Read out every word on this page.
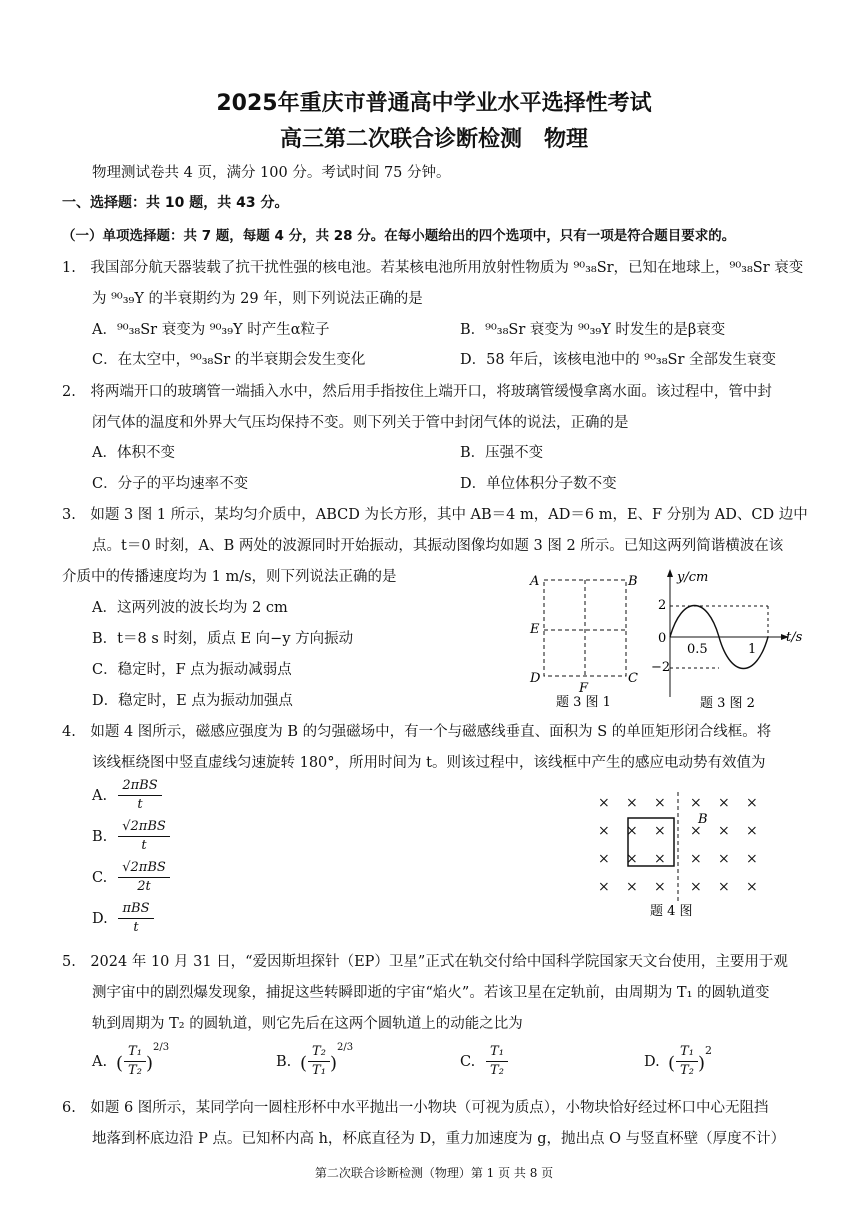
2025年重庆市普通高中学业水平选择性考试
高三第二次联合诊断检测　物理
物理测试卷共 4 页，满分 100 分。考试时间 75 分钟。
一、选择题：共 10 题，共 43 分。
（一）单项选择题：共 7 题，每题 4 分，共 28 分。在每小题给出的四个选项中，只有一项是符合题目要求的。
1.　我国部分航天器装载了抗干扰性强的核电池。若某核电池所用放射性物质为 ⁹⁰₃₈Sr，已知在地球上，⁹⁰₃₈Sr 衰变
为 ⁹⁰₃₉Y 的半衰期约为 29 年，则下列说法正确的是
A．⁹⁰₃₈Sr 衰变为 ⁹⁰₃₉Y 时产生α粒子	B．⁹⁰₃₈Sr 衰变为 ⁹⁰₃₉Y 时发生的是β衰变
C．在太空中，⁹⁰₃₈Sr 的半衰期会发生变化	D．58 年后，该核电池中的 ⁹⁰₃₈Sr 全部发生衰变
2.　将两端开口的玻璃管一端插入水中，然后用手指按住上端开口，将玻璃管缓慢拿离水面。该过程中，管中封
闭气体的温度和外界大气压均保持不变。则下列关于管中封闭气体的说法，正确的是
A．体积不变	B．压强不变
C．分子的平均速率不变	D．单位体积分子数不变
3.　如题 3 图 1 所示，某均匀介质中，ABCD 为长方形，其中 AB＝4 m，AD＝6 m，E、F 分别为 AD、CD 边中
点。t＝0 时刻，A、B 两处的波源同时开始振动，其振动图像均如题 3 图 2 所示。已知这两列简谐横波在该
介质中的传播速度均为 1 m/s，则下列说法正确的是
A．这两列波的波长均为 2 cm
B．t＝8 s 时刻，质点 E 向−y 方向振动
C．稳定时，F 点为振动减弱点
D．稳定时，E 点为振动加强点
A	B
E
D	C
F
题 3 图 1
y/cm
t/s
2
−2
0
0.5	1
题 3 图 2
4.　如题 4 图所示，磁感应强度为 B 的匀强磁场中，有一个与磁感线垂直、面积为 S 的单匝矩形闭合线框。将
该线框绕图中竖直虚线匀速旋转 180°，所用时间为 t。则该过程中，该线框中产生的感应电动势有效值为
A.
2πBS
t
B.
√2πBS
t
C.
√2πBS
2t
D.
πBS
t
× × × × × ×
× × × × × ×
× × × × × ×
× × × × × ×
B
题 4 图
5.　2024 年 10 月 31 日，“爱因斯坦探针（EP）卫星”正式在轨交付给中国科学院国家天文台使用，主要用于观
测宇宙中的剧烈爆发现象，捕捉这些转瞬即逝的宇宙“焰火”。若该卫星在定轨前，由周期为 T₁ 的圆轨道变
轨到周期为 T₂ 的圆轨道，则它先后在这两个圆轨道上的动能之比为
A. (
T₁
T₂ )
2/3
B. (
T₂
T₁ )
2/3
C.
T₁
T₂
D. (
T₁
T₂ )
2
6.　如题 6 图所示，某同学向一圆柱形杯中水平抛出一小物块（可视为质点），小物块恰好经过杯口中心无阻挡
地落到杯底边沿 P 点。已知杯内高 h，杯底直径为 D，重力加速度为 g，抛出点 O 与竖直杯壁（厚度不计）
第二次联合诊断检测（物理）第 1 页 共 8 页
